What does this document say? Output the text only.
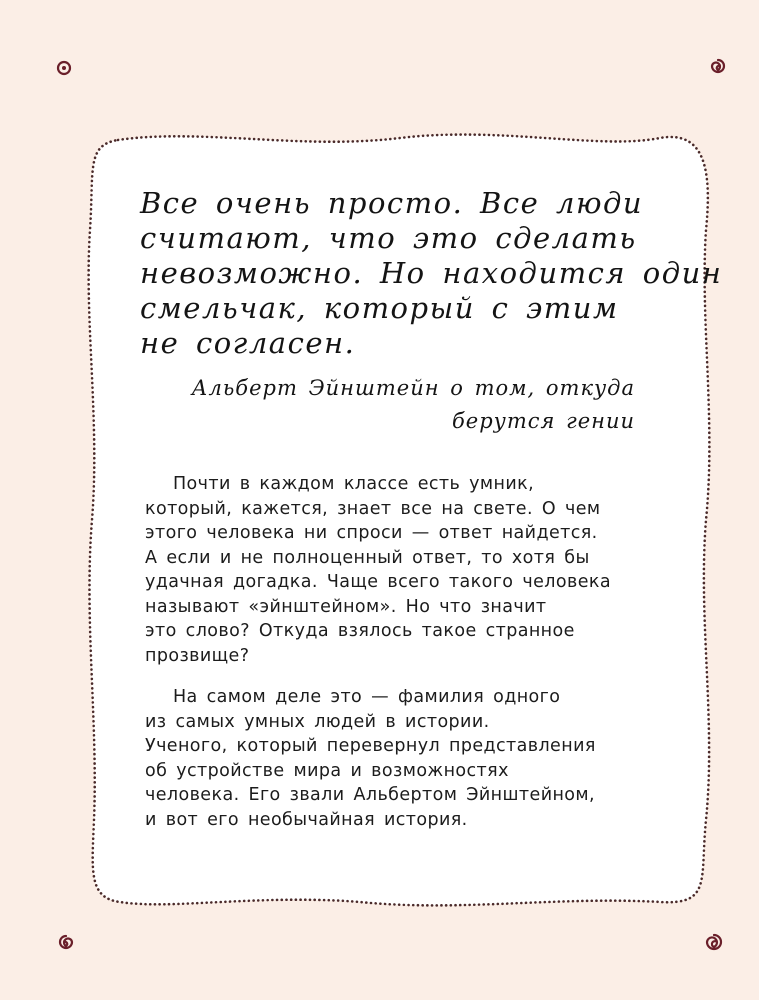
Все очень просто. Все люди
считают, что это сделать
невозможно. Но находится один
смельчак, который с этим
не согласен.
Альберт Эйнштейн о том, откуда
берутся гении

Почти в каждом классе есть умник,
который, кажется, знает все на свете. О чем
этого человека ни спроси — ответ найдется.
А если и не полноценный ответ, то хотя бы
удачная догадка. Чаще всего такого человека
называют «эйнштейном». Но что значит
это слово? Откуда взялось такое странное
прозвище?

На самом деле это — фамилия одного
из самых умных людей в истории.
Ученого, который перевернул представления
об устройстве мира и возможностях
человека. Его звали Альбертом Эйнштейном,
и вот его необычайная история.
